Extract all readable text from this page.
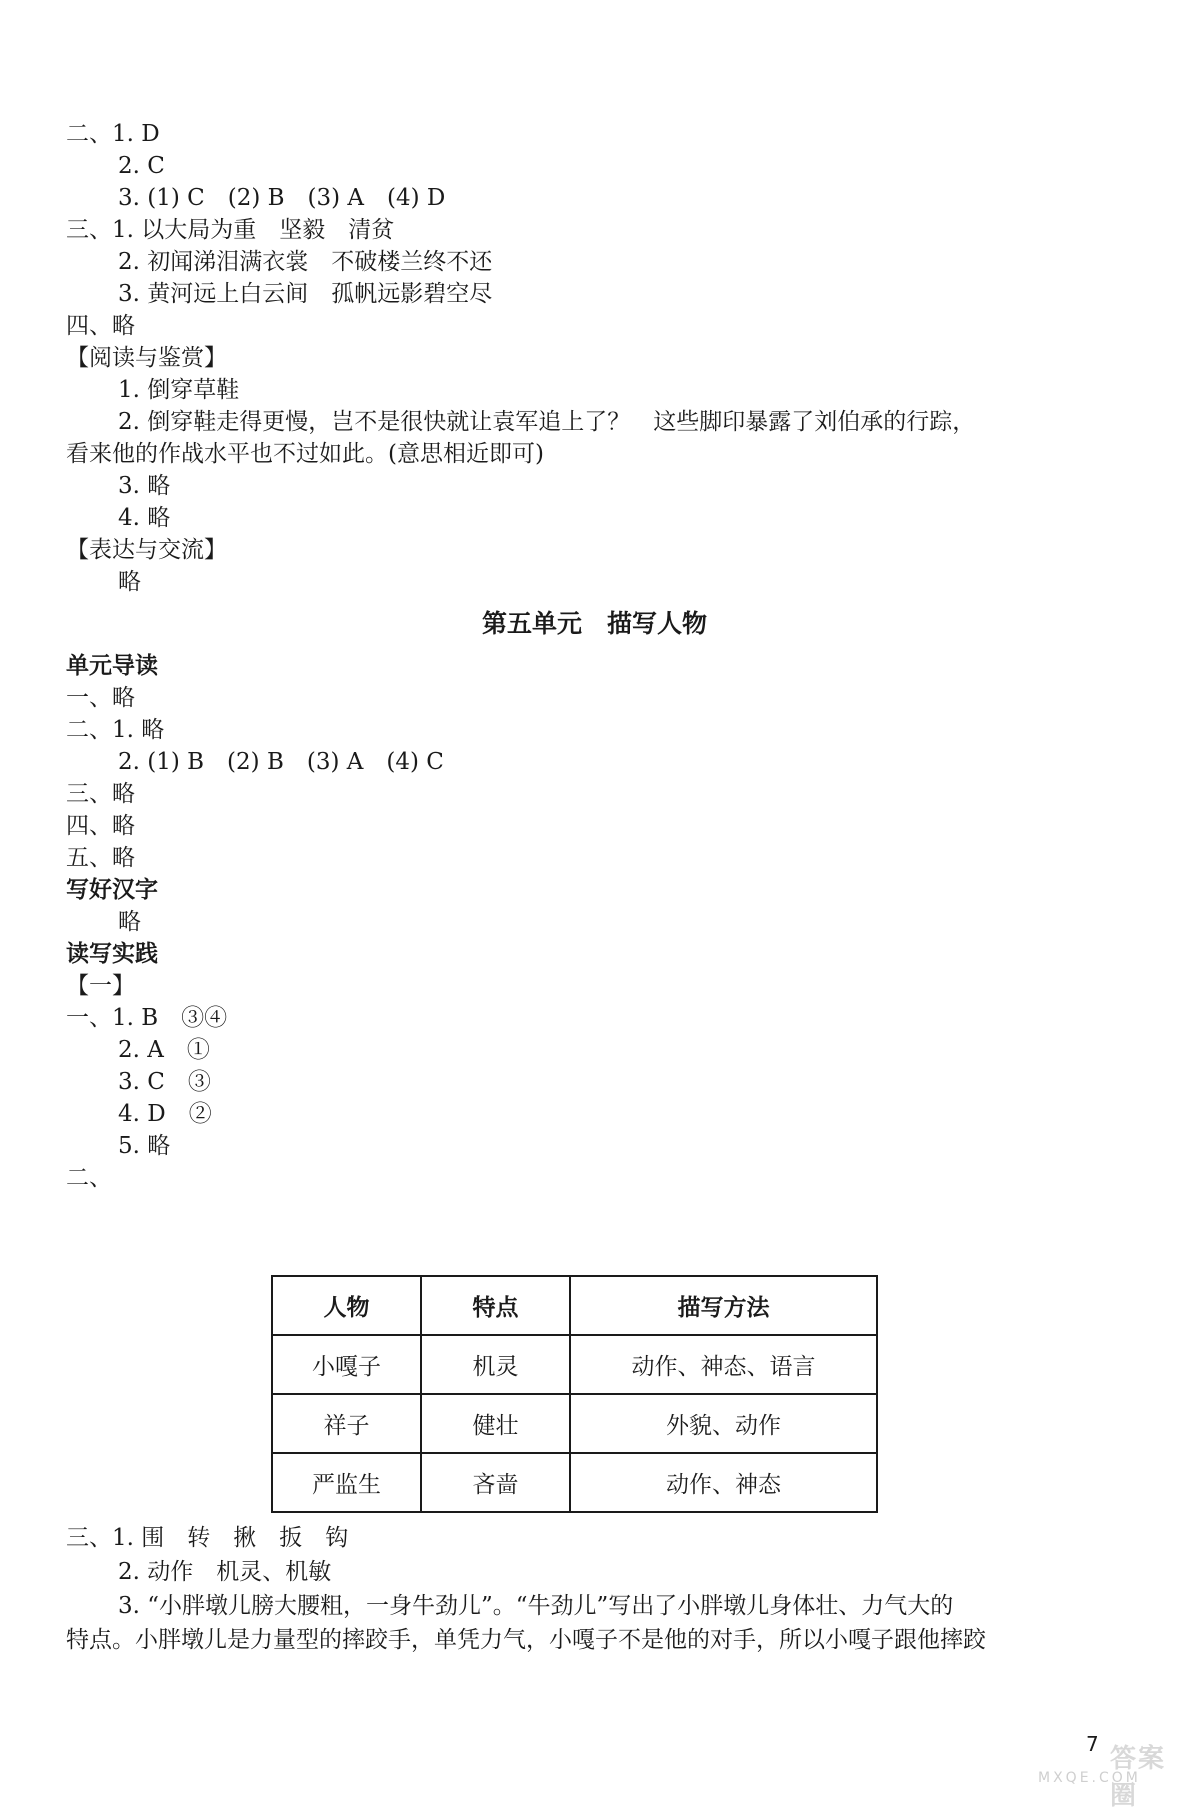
二、1. D
2. C
3. (1) C　(2) B　(3) A　(4) D
三、1. 以大局为重　坚毅　清贫
2. 初闻涕泪满衣裳　不破楼兰终不还
3. 黄河远上白云间　孤帆远影碧空尽
四、略
【阅读与鉴赏】
1. 倒穿草鞋
2. 倒穿鞋走得更慢，岂不是很快就让袁军追上了？　这些脚印暴露了刘伯承的行踪，
看来他的作战水平也不过如此。(意思相近即可)
3. 略
4. 略
【表达与交流】
略
第五单元　描写人物
单元导读
一、略
二、1. 略
2. (1) B　(2) B　(3) A　(4) C
三、略
四、略
五、略
写好汉字
略
读写实践
【一】
一、1. B　③④
2. A　①
3. C　③
4. D　②
5. 略
二、
人物	特点	描写方法
小嘎子	机灵	动作、神态、语言
祥子	健壮	外貌、动作
严监生	吝啬	动作、神态
三、1. 围　转　揪　扳　钩
2. 动作　机灵、机敏
3. “小胖墩儿膀大腰粗，一身牛劲儿”。“牛劲儿”写出了小胖墩儿身体壮、力气大的
特点。小胖墩儿是力量型的摔跤手，单凭力气，小嘎子不是他的对手，所以小嘎子跟他摔跤
7 答案圈
MXQE.COM
